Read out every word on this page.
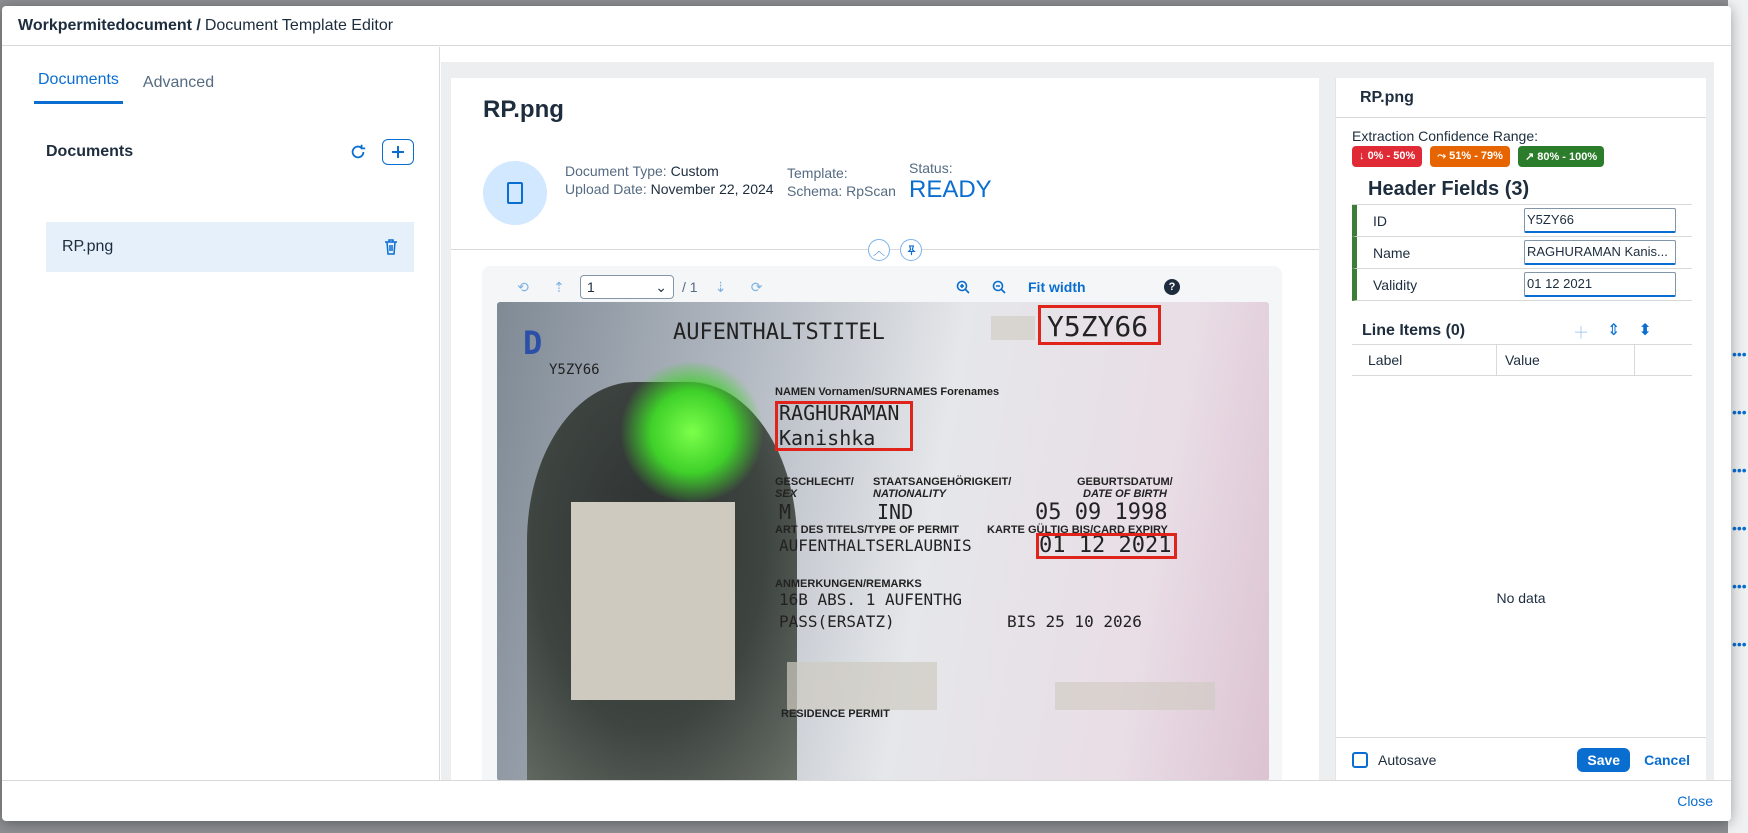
•••
•••
•••
•••
•••
•••
Workpermitedocument / Document Template Editor
Documents Advanced
Documents
RP.png
RP.png
Document Type: Custom
Upload Date: November 22, 2024
Template:
Schema: RpScan
Status:
READY
︿
⟲	⇡	1	⌄ / 1	⇣	⟳	Fit width	?
D	AUFENTHALTSTITEL	Y5ZY66
Y5ZY66
NAMEN Vornamen/SURNAMES Forenames
RAGHURAMAN
Kanishka
GESCHLECHT/
SEX
M
STAATSANGEHÖRIGKEIT/
NATIONALITY
IND
GEBURTSDATUM/
DATE OF BIRTH
05 09 1998
ART DES TITELS/TYPE OF PERMIT	KARTE GÜLTIG BIS/CARD EXPIRY
AUFENTHALTSERLAUBNIS	01 12 2021
ANMERKUNGEN/REMARKS
16B ABS. 1 AUFENTHG
PASS(ERSATZ)	BIS 25 10 2026
RESIDENCE PERMIT
RP.png
Extraction Confidence Range:
↓ 0% - 50%	⤳ 51% - 79%	↗ 80% - 100%
Header Fields (3)
ID	Y5ZY66
Name	RAGHURAMAN Kanis...
Validity	01 12 2021
Line Items (0)	＋ ⇕ ⬍
Label	Value
No data
Autosave	Save	Cancel
Close
